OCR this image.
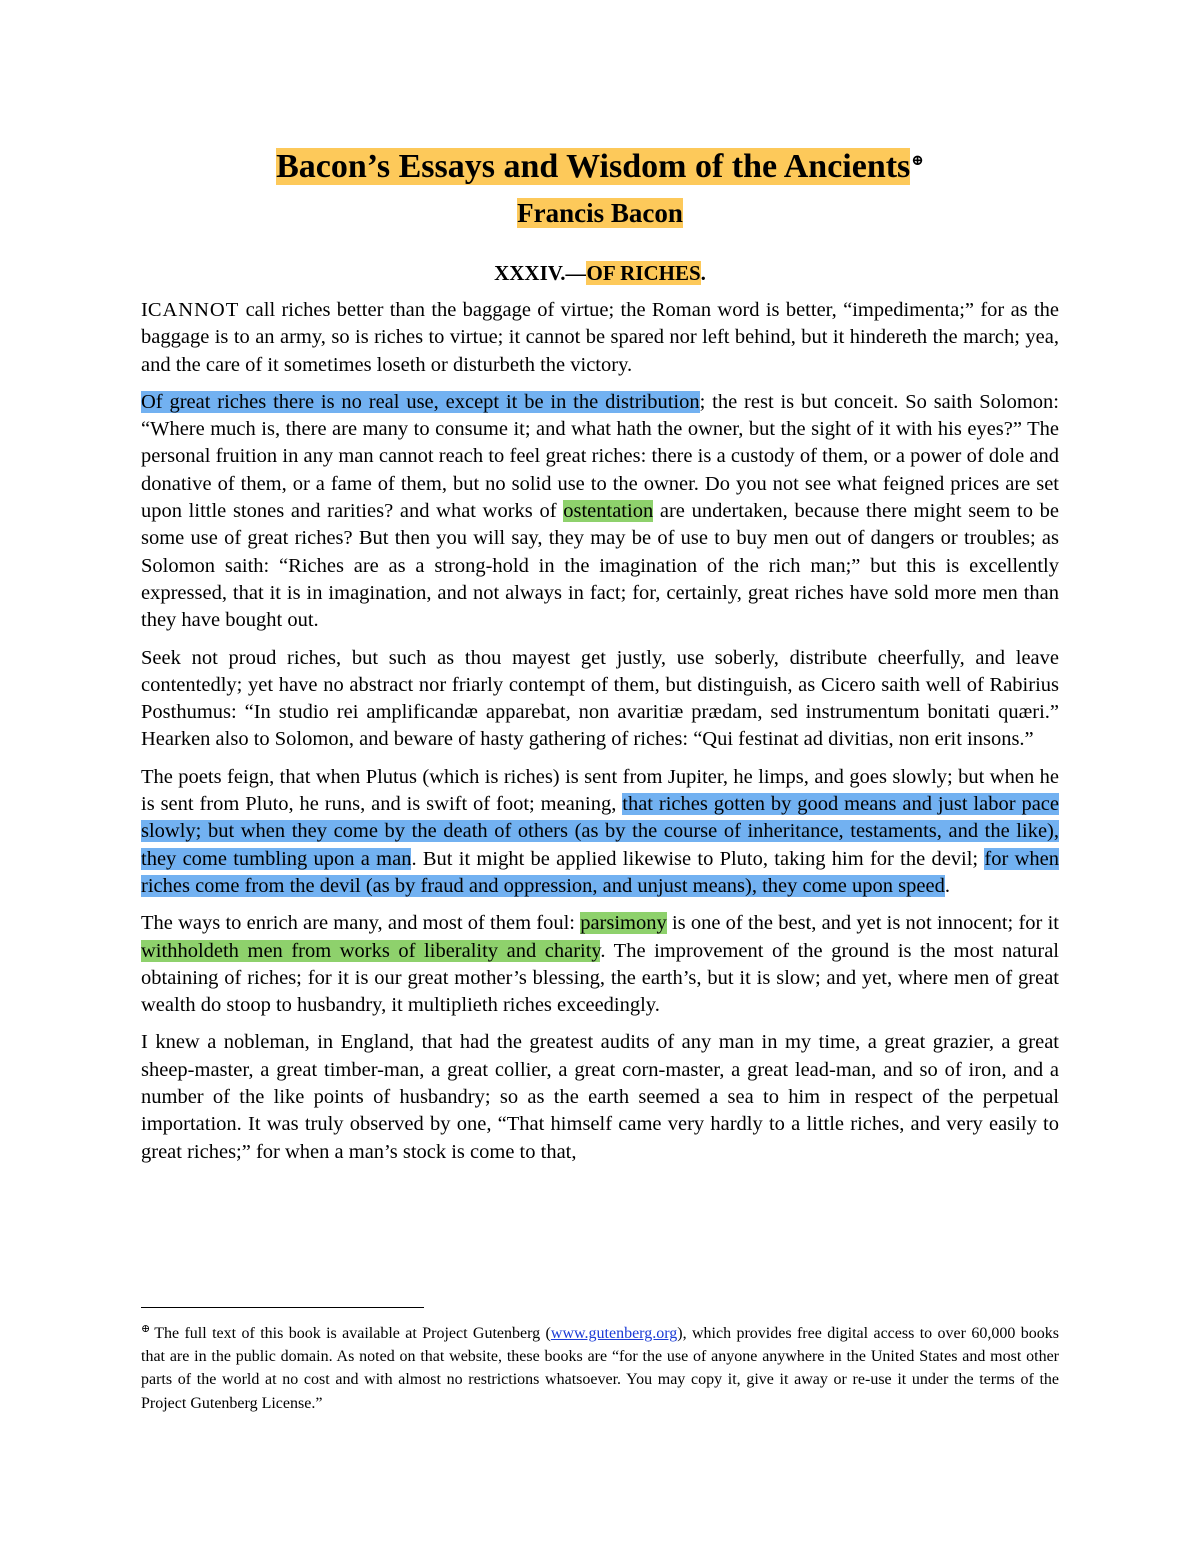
Bacon’s Essays and Wisdom of the Ancients⊕
Francis Bacon
XXXIV.—OF RICHES.

ICANNOT call riches better than the baggage of virtue; the Roman word is better, “impedimenta;” for as the baggage is to an army, so is riches to virtue; it cannot be spared nor left behind, but it hindereth the march; yea, and the care of it sometimes loseth or disturbeth the victory.

Of great riches there is no real use, except it be in the distribution; the rest is but conceit. So saith Solomon: “Where much is, there are many to consume it; and what hath the owner, but the sight of it with his eyes?” The personal fruition in any man cannot reach to feel great riches: there is a custody of them, or a power of dole and donative of them, or a fame of them, but no solid use to the owner. Do you not see what feigned prices are set upon little stones and rarities? and what works of ostentation are undertaken, because there might seem to be some use of great riches? But then you will say, they may be of use to buy men out of dangers or troubles; as Solomon saith: “Riches are as a strong-hold in the imagination of the rich man;” but this is excellently expressed, that it is in imagination, and not always in fact; for, certainly, great riches have sold more men than they have bought out.

Seek not proud riches, but such as thou mayest get justly, use soberly, distribute cheerfully, and leave contentedly; yet have no abstract nor friarly contempt of them, but distinguish, as Cicero saith well of Rabirius Posthumus: “In studio rei amplificandæ apparebat, non avaritiæ prædam, sed instrumentum bonitati quæri.” Hearken also to Solomon, and beware of hasty gathering of riches: “Qui festinat ad divitias, non erit insons.”

The poets feign, that when Plutus (which is riches) is sent from Jupiter, he limps, and goes slowly; but when he is sent from Pluto, he runs, and is swift of foot; meaning, that riches gotten by good means and just labor pace slowly; but when they come by the death of others (as by the course of inheritance, testaments, and the like), they come tumbling upon a man. But it might be applied likewise to Pluto, taking him for the devil; for when riches come from the devil (as by fraud and oppression, and unjust means), they come upon speed.

The ways to enrich are many, and most of them foul: parsimony is one of the best, and yet is not innocent; for it withholdeth men from works of liberality and charity. The improvement of the ground is the most natural obtaining of riches; for it is our great mother’s blessing, the earth’s, but it is slow; and yet, where men of great wealth do stoop to husbandry, it multiplieth riches exceedingly.

I knew a nobleman, in England, that had the greatest audits of any man in my time, a great grazier, a great sheep-master, a great timber-man, a great collier, a great corn-master, a great lead-man, and so of iron, and a number of the like points of husbandry; so as the earth seemed a sea to him in respect of the perpetual importation. It was truly observed by one, “That himself came very hardly to a little riches, and very easily to great riches;” for when a man’s stock is come to that,

⊕ The full text of this book is available at Project Gutenberg (www.gutenberg.org), which provides free digital access to over 60,000 books that are in the public domain. As noted on that website, these books are “for the use of anyone anywhere in the United States and most other parts of the world at no cost and with almost no restrictions whatsoever. You may copy it, give it away or re-use it under the terms of the Project Gutenberg License.”
